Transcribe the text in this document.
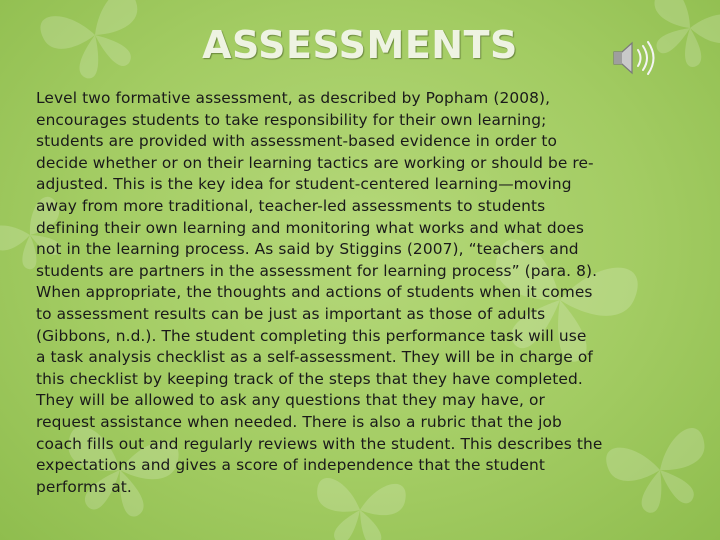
ASSESSMENTS

Level two formative assessment, as described by Popham (2008),
encourages students to take responsibility for their own learning;
students are provided with assessment-based evidence in order to
decide whether or on their learning tactics are working or should be re-
adjusted. This is the key idea for student-centered learning—moving
away from more traditional, teacher-led assessments to students
defining their own learning and monitoring what works and what does
not in the learning process. As said by Stiggins (2007), “teachers and
students are partners in the assessment for learning process” (para. 8).
When appropriate, the thoughts and actions of students when it comes
to assessment results can be just as important as those of adults
(Gibbons, n.d.). The student completing this performance task will use
a task analysis checklist as a self-assessment. They will be in charge of
this checklist by keeping track of the steps that they have completed.
They will be allowed to ask any questions that they may have, or
request assistance when needed. There is also a rubric that the job
coach fills out and regularly reviews with the student. This describes the
expectations and gives a score of independence that the student
performs at.
